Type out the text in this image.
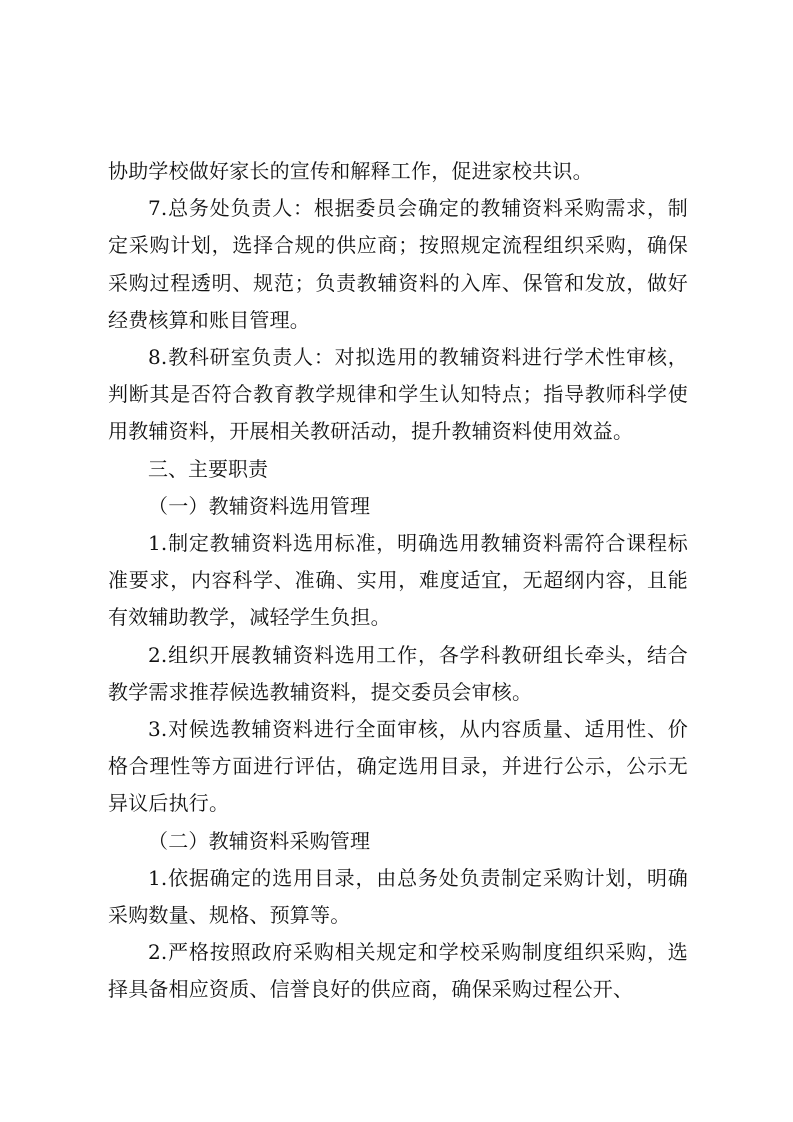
协助学校做好家长的宣传和解释工作，促进家校共识。

7.总务处负责人：根据委员会确定的教辅资料采购需求，制定采购计划，选择合规的供应商；按照规定流程组织采购，确保采购过程透明、规范；负责教辅资料的入库、保管和发放，做好经费核算和账目管理。

8.教科研室负责人：对拟选用的教辅资料进行学术性审核，判断其是否符合教育教学规律和学生认知特点；指导教师科学使用教辅资料，开展相关教研活动，提升教辅资料使用效益。

三、主要职责

（一）教辅资料选用管理

1.制定教辅资料选用标准，明确选用教辅资料需符合课程标准要求，内容科学、准确、实用，难度适宜，无超纲内容，且能有效辅助教学，减轻学生负担。

2.组织开展教辅资料选用工作，各学科教研组长牵头，结合教学需求推荐候选教辅资料，提交委员会审核。

3.对候选教辅资料进行全面审核，从内容质量、适用性、价格合理性等方面进行评估，确定选用目录，并进行公示，公示无异议后执行。

（二）教辅资料采购管理

1.依据确定的选用目录，由总务处负责制定采购计划，明确采购数量、规格、预算等。

2.严格按照政府采购相关规定和学校采购制度组织采购，选择具备相应资质、信誉良好的供应商，确保采购过程公开、
